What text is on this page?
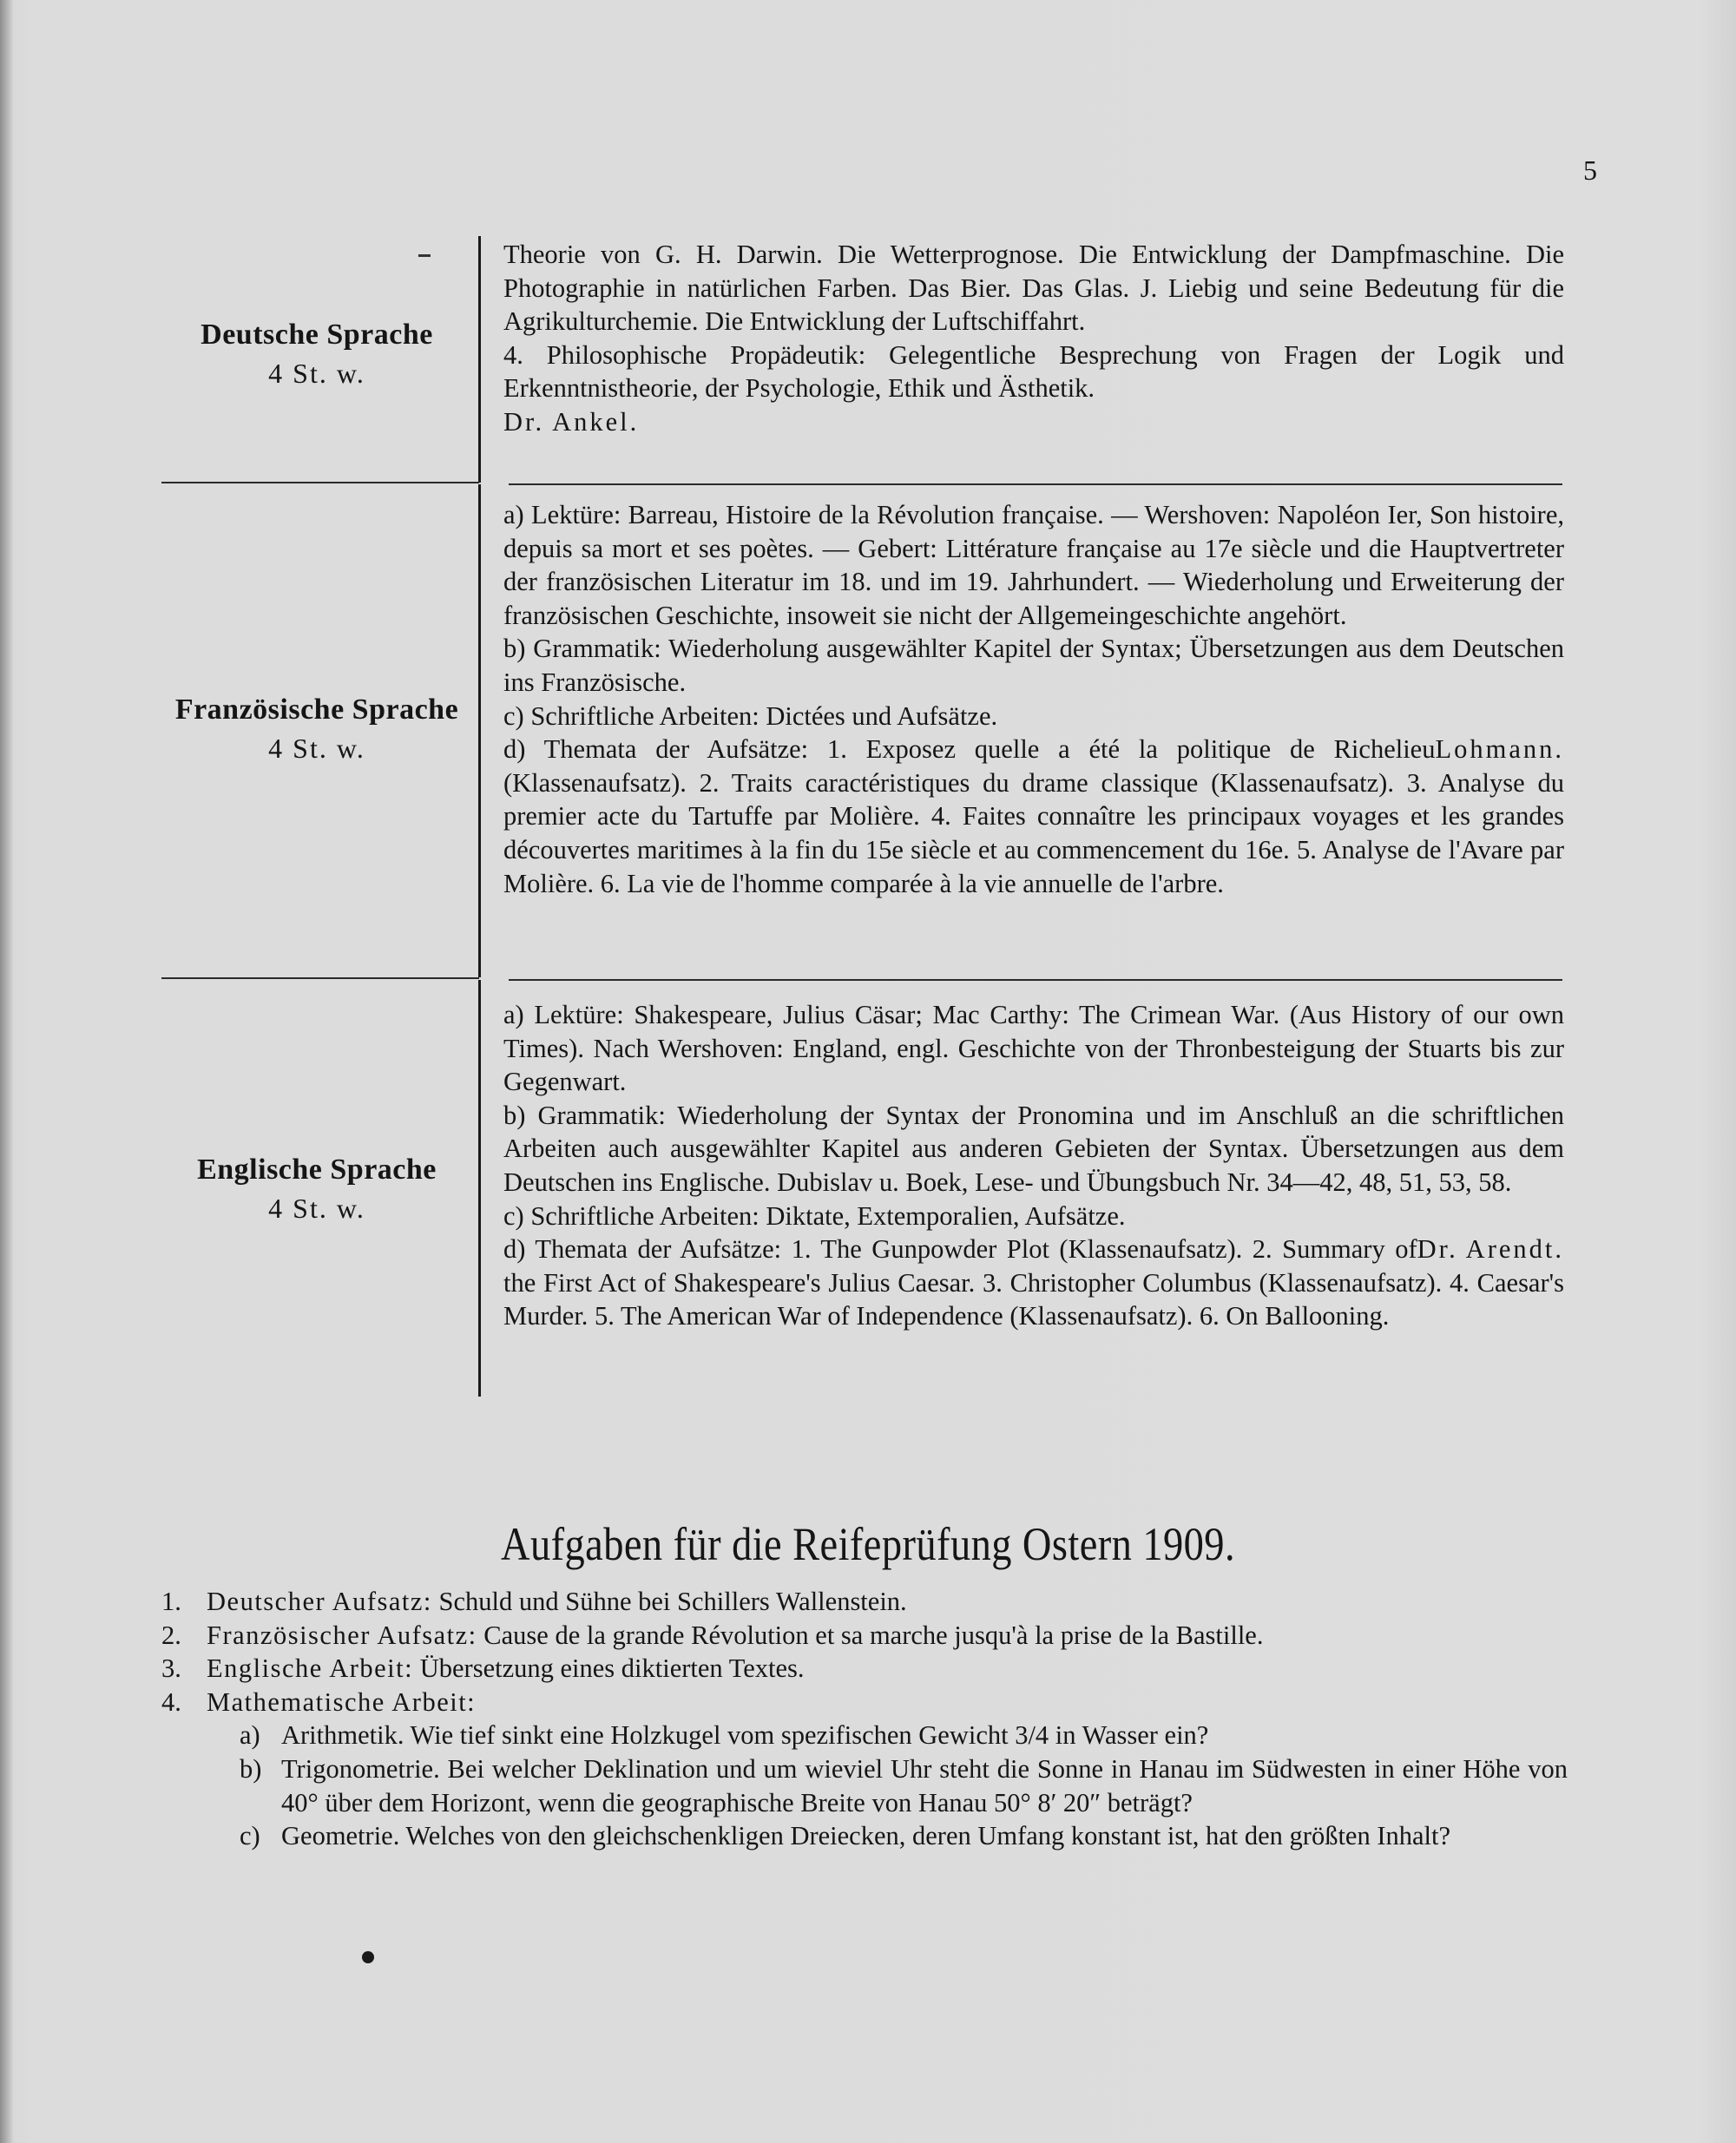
5
Deutsche Sprache
4 St. w.

Theorie von G. H. Darwin. Die Wetterprognose. Die Entwicklung der Dampfmaschine. Die Photographie in natürlichen Farben. Das Bier. Das Glas. J. Liebig und seine Bedeutung für die Agrikulturchemie. Die Entwicklung der Luftschiffahrt.

4. Philosophische Propädeutik: Gelegentliche Besprechung von Fragen der Logik und Erkenntnistheorie, der Psychologie, Ethik und Ästhetik.

Dr. Ankel.

Französische Sprache
4 St. w.

a) Lektüre: Barreau, Histoire de la Révolution française. — Wershoven: Napoléon Ier, Son histoire, depuis sa mort et ses poètes. — Gebert: Littérature française au 17e siècle und die Hauptvertreter der französischen Literatur im 18. und im 19. Jahrhundert. — Wiederholung und Erweiterung der französischen Geschichte, insoweit sie nicht der Allgemeingeschichte angehört.

b) Grammatik: Wiederholung ausgewählter Kapitel der Syntax; Übersetzungen aus dem Deutschen ins Französische.

c) Schriftliche Arbeiten: Dictées und Aufsätze.

Lohmann.
d) Themata der Aufsätze: 1. Exposez quelle a été la politique de Richelieu (Klassenaufsatz). 2. Traits caractéristiques du drame classique (Klassenaufsatz). 3. Analyse du premier acte du Tartuffe par Molière. 4. Faites connaître les principaux voyages et les grandes découvertes maritimes à la fin du 15e siècle et au commencement du 16e. 5. Analyse de l'Avare par Molière. 6. La vie de l'homme comparée à la vie annuelle de l'arbre.

Englische Sprache
4 St. w.

a) Lektüre: Shakespeare, Julius Cäsar; Mac Carthy: The Crimean War. (Aus History of our own Times). Nach Wershoven: England, engl. Geschichte von der Thronbesteigung der Stuarts bis zur Gegenwart.

b) Grammatik: Wiederholung der Syntax der Pronomina und im Anschluß an die schriftlichen Arbeiten auch ausgewählter Kapitel aus anderen Gebieten der Syntax. Übersetzungen aus dem Deutschen ins Englische. Dubislav u. Boek, Lese- und Übungsbuch Nr. 34—42, 48, 51, 53, 58.

c) Schriftliche Arbeiten: Diktate, Extemporalien, Aufsätze.

Dr. Arendt.
d) Themata der Aufsätze: 1. The Gunpowder Plot (Klassenaufsatz). 2. Summary of the First Act of Shakespeare's Julius Caesar. 3. Christopher Columbus (Klassenaufsatz). 4. Caesar's Murder. 5. The American War of Independence (Klassenaufsatz). 6. On Ballooning.

Aufgaben für die Reifeprüfung Ostern 1909.
1. Deutscher Aufsatz: Schuld und Sühne bei Schillers Wallenstein.
2. Französischer Aufsatz: Cause de la grande Révolution et sa marche jusqu'à la prise de la Bastille.
3. Englische Arbeit: Übersetzung eines diktierten Textes.
4. Mathematische Arbeit:
a) Arithmetik. Wie tief sinkt eine Holzkugel vom spezifischen Gewicht 3/4 in Wasser ein?
b) Trigonometrie. Bei welcher Deklination und um wieviel Uhr steht die Sonne in Hanau im Südwesten in einer Höhe von 40° über dem Horizont, wenn die geographische Breite von Hanau 50° 8′ 20″ beträgt?
c) Geometrie. Welches von den gleichschenkligen Dreiecken, deren Umfang konstant ist, hat den größten Inhalt?
